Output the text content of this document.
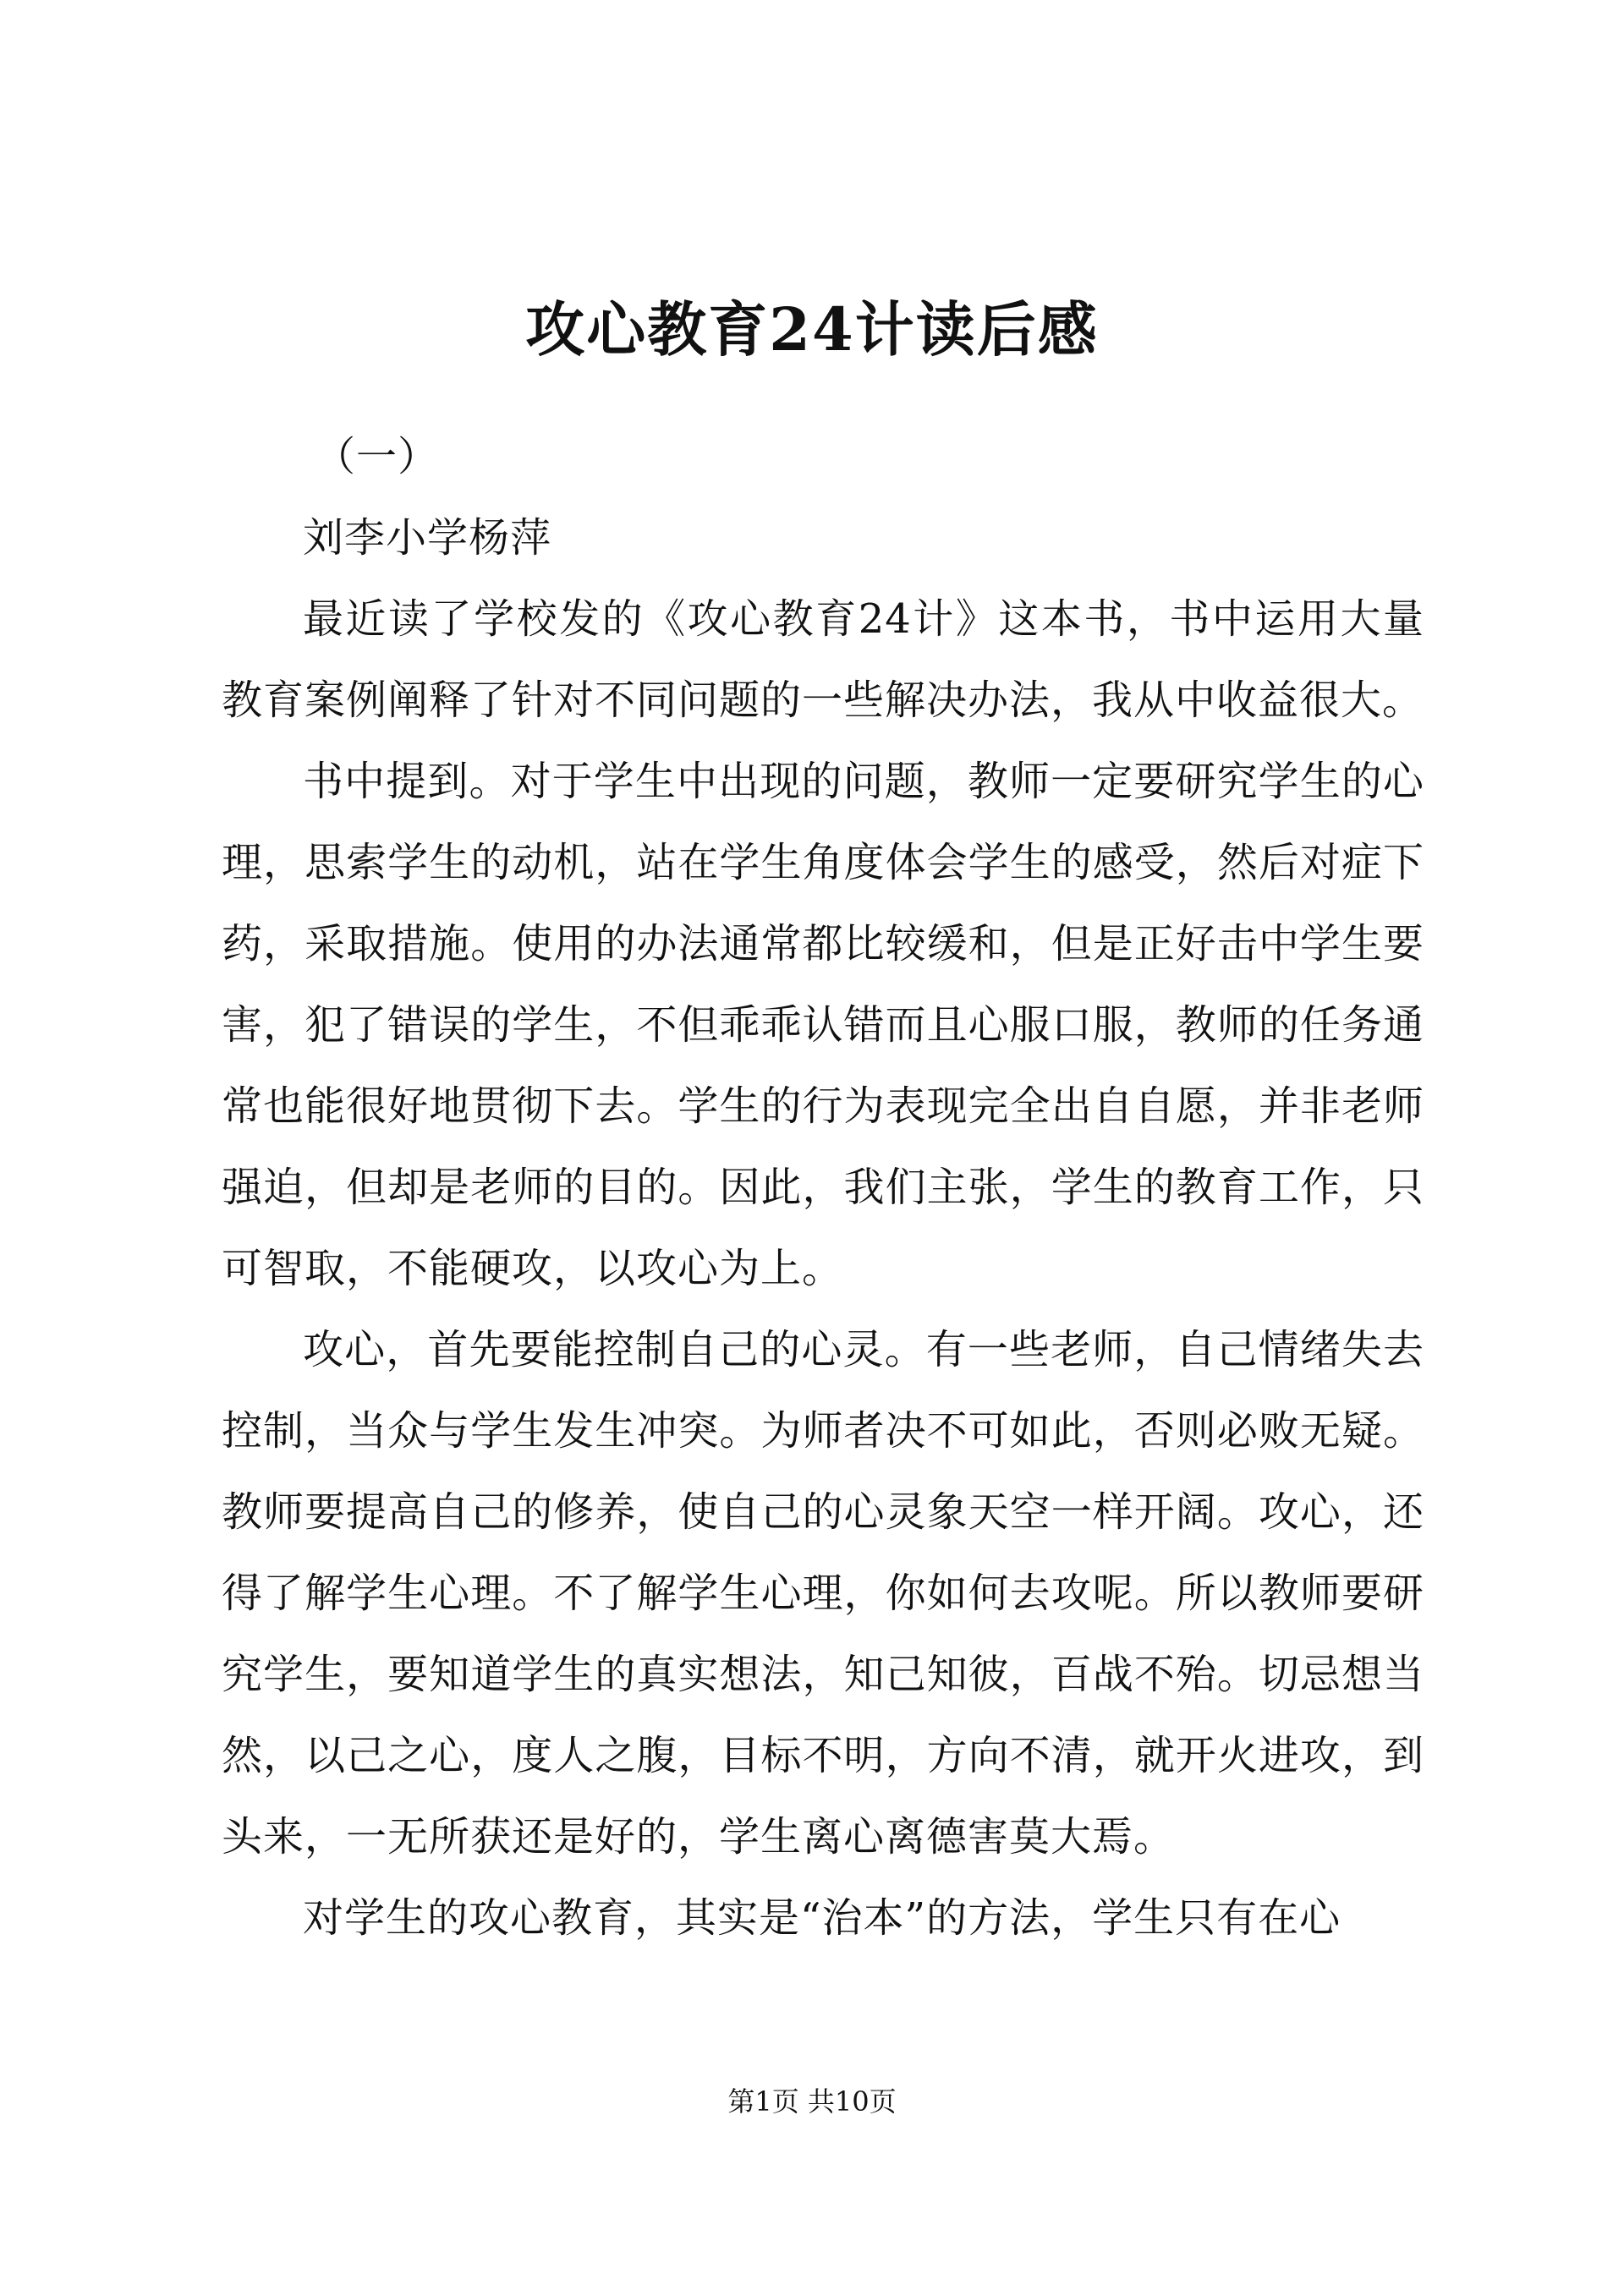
攻心教育24计读后感

（一）

刘李小学杨萍

最近读了学校发的《攻心教育24计》这本书，书中运用大量教育案例阐释了针对不同问题的一些解决办法，我从中收益很大。

书中提到。对于学生中出现的问题，教师一定要研究学生的心理，思索学生的动机，站在学生角度体会学生的感受，然后对症下药，采取措施。使用的办法通常都比较缓和，但是正好击中学生要害，犯了错误的学生，不但乖乖认错而且心服口服，教师的任务通常也能很好地贯彻下去。学生的行为表现完全出自自愿，并非老师强迫，但却是老师的目的。因此，我们主张，学生的教育工作，只可智取，不能硬攻，以攻心为上。

攻心，首先要能控制自己的心灵。有一些老师，自己情绪失去控制，当众与学生发生冲突。为师者决不可如此，否则必败无疑。教师要提高自己的修养，使自己的心灵象天空一样开阔。攻心，还得了解学生心理。不了解学生心理，你如何去攻呢。所以教师要研究学生，要知道学生的真实想法，知己知彼，百战不殆。切忌想当然，以己之心，度人之腹，目标不明，方向不清，就开火进攻，到头来，一无所获还是好的，学生离心离德害莫大焉。

对学生的攻心教育，其实是“治本”的方法，学生只有在心

第1页 共10页
